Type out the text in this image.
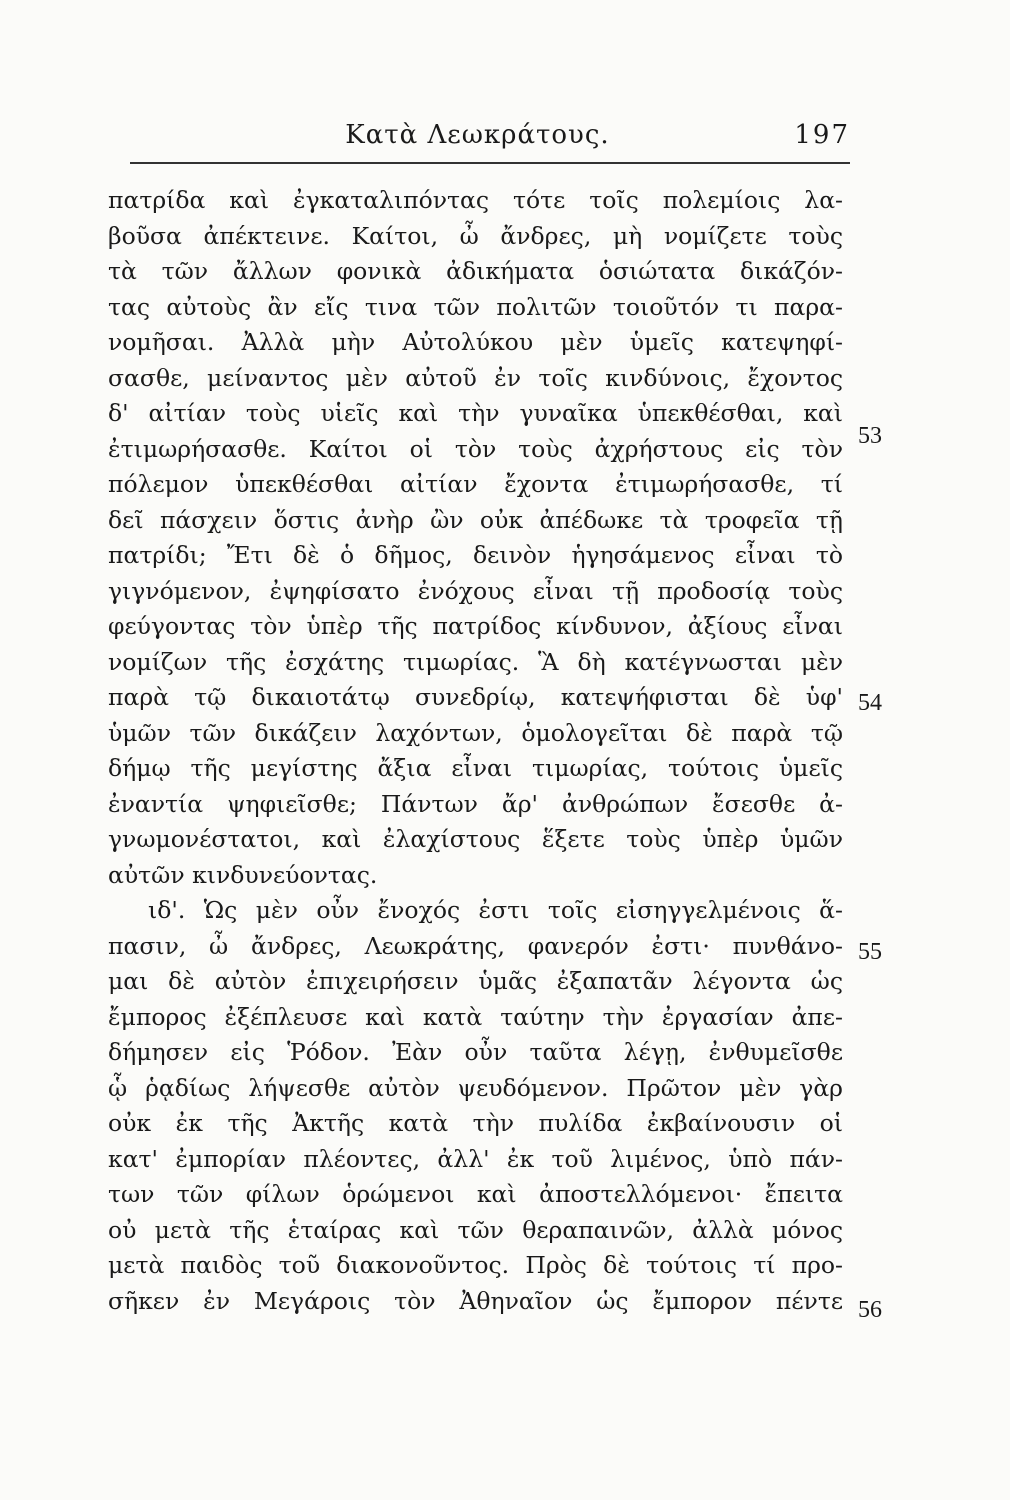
Κατὰ Λεωκράτους.	197
πατρίδα καὶ ἐγκαταλιπόντας τότε τοῖς πολεμίοις λα-
βοῦσα ἀπέκτεινε. Καίτοι, ὦ ἄνδρες, μὴ νομίζετε τοὺς
τὰ τῶν ἄλλων φονικὰ ἀδικήματα ὁσιώτατα δικάζόν-
τας αὐτοὺς ἂν εἴς τινα τῶν πολιτῶν τοιοῦτόν τι παρα-
νομῆσαι. Ἀλλὰ μὴν Αὐτολύκου μὲν ὑμεῖς κατεψηφί-
σασθε, μείναντος μὲν αὐτοῦ ἐν τοῖς κινδύνοις, ἔχοντος
δ' αἰτίαν τοὺς υἱεῖς καὶ τὴν γυναῖκα ὑπεκθέσθαι, καὶ
ἐτιμωρήσασθε. Καίτοι οἱ τὸν τοὺς ἀχρήστους εἰς τὸν
πόλεμον ὑπεκθέσθαι αἰτίαν ἔχοντα ἐτιμωρήσασθε, τί
δεῖ πάσχειν ὅστις ἀνὴρ ὢν οὐκ ἀπέδωκε τὰ τροφεῖα τῇ
πατρίδι; Ἔτι δὲ ὁ δῆμος, δεινὸν ἡγησάμενος εἶναι τὸ
γιγνόμενον, ἐψηφίσατο ἐνόχους εἶναι τῇ προδοσίᾳ τοὺς
φεύγοντας τὸν ὑπὲρ τῆς πατρίδος κίνδυνον, ἀξίους εἶναι
νομίζων τῆς ἐσχάτης τιμωρίας. Ἃ δὴ κατέγνωσται μὲν
παρὰ τῷ δικαιοτάτῳ συνεδρίῳ, κατεψήφισται δὲ ὑφ'
ὑμῶν τῶν δικάζειν λαχόντων, ὁμολογεῖται δὲ παρὰ τῷ
δήμῳ τῆς μεγίστης ἄξια εἶναι τιμωρίας, τούτοις ὑμεῖς
ἐναντία ψηφιεῖσθε; Πάντων ἄρ' ἀνθρώπων ἔσεσθε ἀ-
γνωμονέστατοι, καὶ ἐλαχίστους ἕξετε τοὺς ὑπὲρ ὑμῶν
αὐτῶν κινδυνεύοντας.
ιδ'. Ὡς μὲν οὖν ἔνοχός ἐστι τοῖς εἰσηγγελμένοις ἅ-
πασιν, ὦ ἄνδρες, Λεωκράτης, φανερόν ἐστι· πυνθάνο-
μαι δὲ αὐτὸν ἐπιχειρήσειν ὑμᾶς ἐξαπατᾶν λέγοντα ὡς
ἔμπορος ἐξέπλευσε καὶ κατὰ ταύτην τὴν ἐργασίαν ἀπε-
δήμησεν εἰς Ῥόδον. Ἐὰν οὖν ταῦτα λέγῃ, ἐνθυμεῖσθε
ᾧ ῥᾳδίως λήψεσθε αὐτὸν ψευδόμενον. Πρῶτον μὲν γὰρ
οὐκ ἐκ τῆς Ἀκτῆς κατὰ τὴν πυλίδα ἐκβαίνουσιν οἱ
κατ' ἐμπορίαν πλέοντες, ἀλλ' ἐκ τοῦ λιμένος, ὑπὸ πάν-
των τῶν φίλων ὁρώμενοι καὶ ἀποστελλόμενοι· ἔπειτα
οὐ μετὰ τῆς ἑταίρας καὶ τῶν θεραπαινῶν, ἀλλὰ μόνος
μετὰ παιδὸς τοῦ διακονοῦντος. Πρὸς δὲ τούτοις τί προ-
σῆκεν ἐν Μεγάροις τὸν Ἀθηναῖον ὡς ἔμπορον πέντε
53
54
55
56
